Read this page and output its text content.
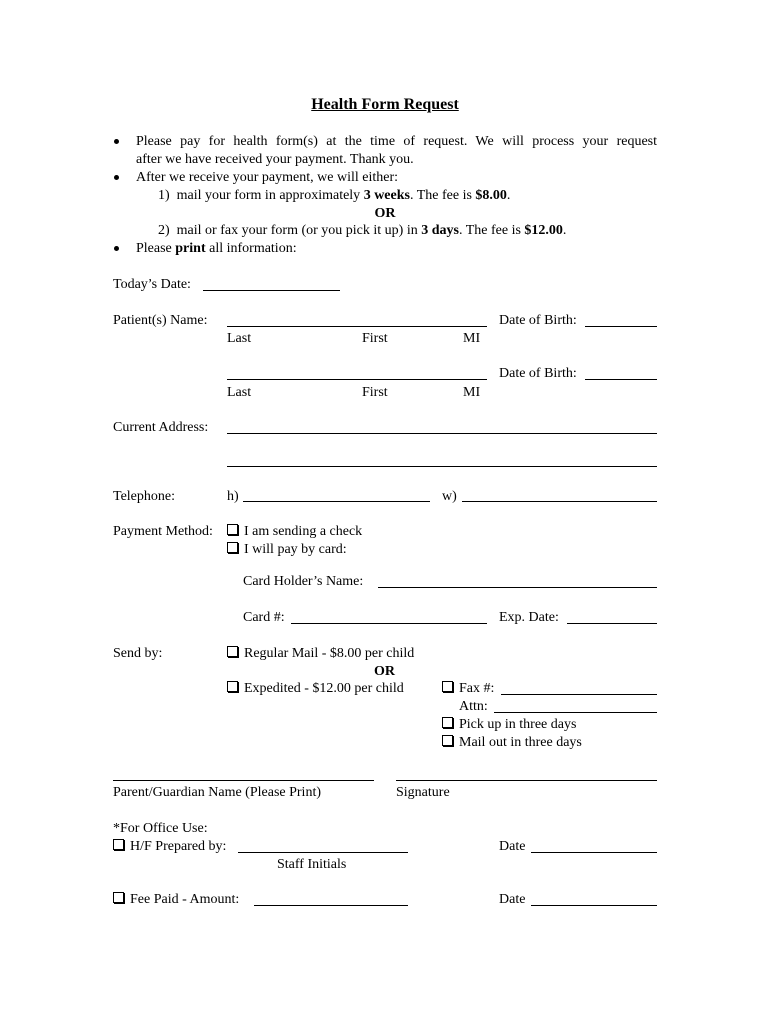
Health Form Request
Please pay for health form(s) at the time of request. We will process your request
after we have received your payment. Thank you.
After we receive your payment, we will either:
1) mail your form in approximately 3 weeks. The fee is $8.00.
OR
2) mail or fax your form (or you pick it up) in 3 days. The fee is $12.00.
Please print all information:
Today’s Date:
Patient(s) Name:	Date of Birth:
Last	First	MI
Date of Birth:
Last	First	MI
Current Address:
Telephone:	h)	w)
Payment Method:	I am sending a check
I will pay by card:
Card Holder’s Name:
Card #:	Exp. Date:
Send by:	Regular Mail - $8.00 per child
OR
Expedited - $12.00 per child	Fax #:
Attn:
Pick up in three days
Mail out in three days
Parent/Guardian Name (Please Print)	Signature
*For Office Use:
H/F Prepared by:	Date
Staff Initials
Fee Paid - Amount:	Date
